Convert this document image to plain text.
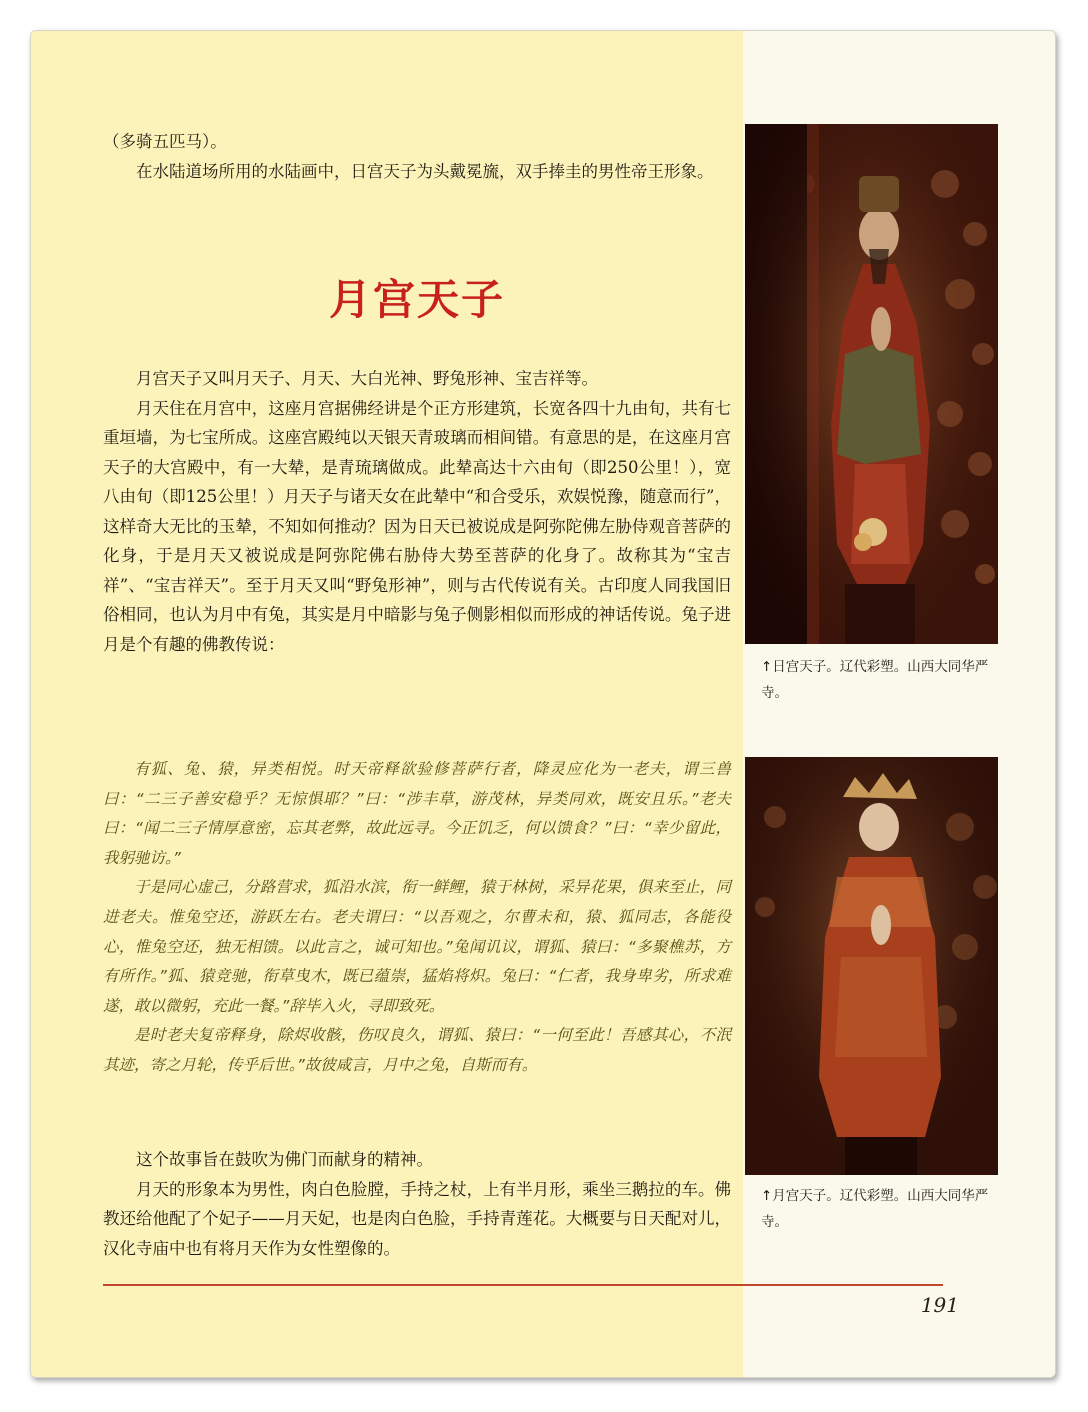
（多骑五匹马）。

在水陆道场所用的水陆画中，日宫天子为头戴冕旒，双手捧圭的男性帝王形象。

月宫天子

月宫天子又叫月天子、月天、大白光神、野兔形神、宝吉祥等。

月天住在月宫中，这座月宫据佛经讲是个正方形建筑，长宽各四十九由旬，共有七重垣墙，为七宝所成。这座宫殿纯以天银天青玻璃而相间错。有意思的是，在这座月宫天子的大宫殿中，有一大辇，是青琉璃做成。此辇高达十六由旬（即250公里！），宽八由旬（即125公里！）月天子与诸天女在此辇中“和合受乐，欢娱悦豫，随意而行”，这样奇大无比的玉辇，不知如何推动？因为日天已被说成是阿弥陀佛左胁侍观音菩萨的化身，于是月天又被说成是阿弥陀佛右胁侍大势至菩萨的化身了。故称其为“宝吉祥”、“宝吉祥天”。至于月天又叫“野兔形神”，则与古代传说有关。古印度人同我国旧俗相同，也认为月中有兔，其实是月中暗影与兔子侧影相似而形成的神话传说。兔子进月是个有趣的佛教传说：

有狐、兔、猿，异类相悦。时天帝释欲验修菩萨行者，降灵应化为一老夫，谓三兽曰：“二三子善安稳乎？无惊惧耶？”曰：“涉丰草，游茂林，异类同欢，既安且乐。”老夫曰：“闻二三子情厚意密，忘其老弊，故此远寻。今正饥乏，何以馈食？”曰：“幸少留此，我躬驰访。”

于是同心虚己，分路营求，狐沿水滨，衔一鲜鲤，猿于林树，采异花果，俱来至止，同进老夫。惟兔空还，游跃左右。老夫谓曰：“以吾观之，尔曹未和，猿、狐同志，各能役心，惟兔空还，独无相馈。以此言之，诚可知也。”兔闻讥议，谓狐、猿曰：“多聚樵苏，方有所作。”狐、猿竞驰，衔草曳木，既已蕴崇，猛焰将炽。兔曰：“仁者，我身卑劣，所求难遂，敢以微躬，充此一餐。”辞毕入火，寻即致死。

是时老夫复帝释身，除烬收骸，伤叹良久，谓狐、猿曰：“一何至此！吾感其心，不泯其迹，寄之月轮，传乎后世。”故彼咸言，月中之兔，自斯而有。

这个故事旨在鼓吹为佛门而献身的精神。

月天的形象本为男性，肉白色脸膛，手持之杖，上有半月形，乘坐三鹅拉的车。佛教还给他配了个妃子——月天妃，也是肉白色脸，手持青莲花。大概要与日天配对儿，汉化寺庙中也有将月天作为女性塑像的。

↑日宫天子。辽代彩塑。山西大同华严寺。
↑月宫天子。辽代彩塑。山西大同华严寺。
191
